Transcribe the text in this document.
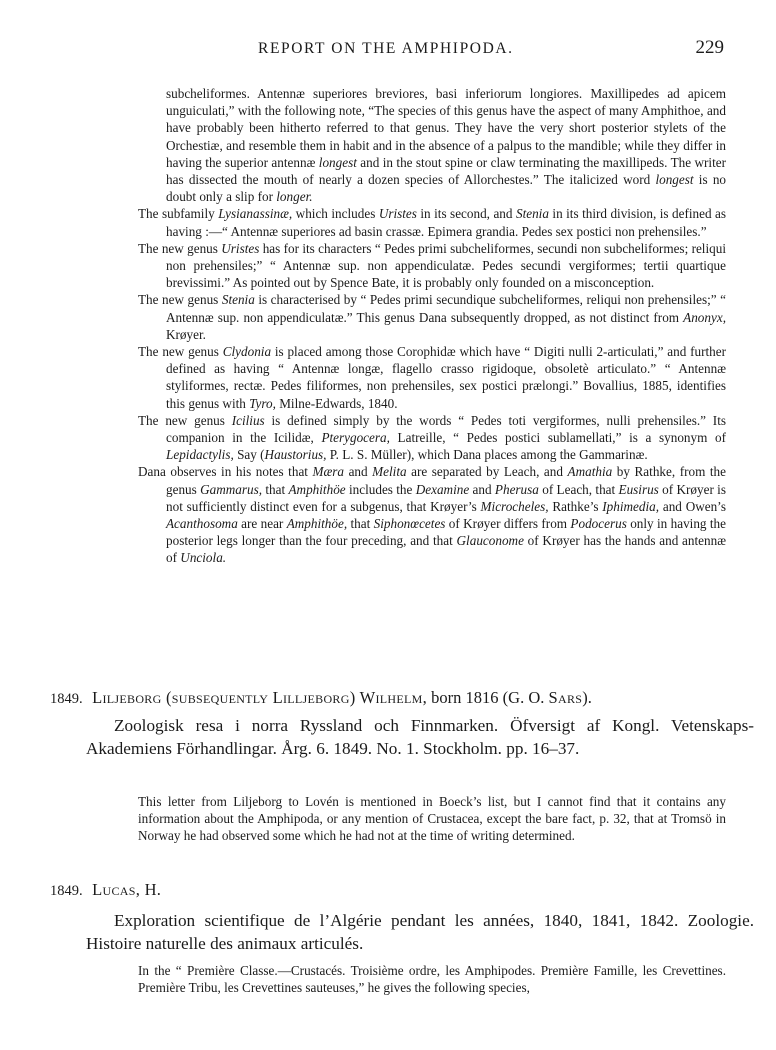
REPORT ON THE AMPHIPODA.	229

subcheliformes. Antennæ superiores breviores, basi inferiorum longiores. Maxillipedes ad apicem unguiculati,” with the following note, “The species of this genus have the aspect of many Amphithoe, and have probably been hitherto referred to that genus. They have the very short posterior stylets of the Orchestiæ, and resemble them in habit and in the absence of a palpus to the mandible; while they differ in having the superior antennæ longest and in the stout spine or claw terminating the maxillipeds. The writer has dissected the mouth of nearly a dozen species of Allorchestes.” The italicized word longest is no doubt only a slip for longer.

The subfamily Lysianassinæ, which includes Uristes in its second, and Stenia in its third division, is defined as having :—“ Antennæ superiores ad basin crassæ. Epimera grandia. Pedes sex postici non prehensiles.”

The new genus Uristes has for its characters “ Pedes primi subcheliformes, secundi non subcheliformes; reliqui non prehensiles;” “ Antennæ sup. non appendiculatæ. Pedes secundi vergiformes; tertii quartique brevissimi.” As pointed out by Spence Bate, it is probably only founded on a misconception.

The new genus Stenia is characterised by “ Pedes primi secundique subcheliformes, reliqui non prehensiles;” “ Antennæ sup. non appendiculatæ.” This genus Dana subsequently dropped, as not distinct from Anonyx, Krøyer.

The new genus Clydonia is placed among those Corophidæ which have “ Digiti nulli 2-articulati,” and further defined as having “ Antennæ longæ, flagello crasso rigidoque, obsoletè articulato.” “ Antennæ styliformes, rectæ. Pedes filiformes, non prehensiles, sex postici prælongi.” Bovallius, 1885, identifies this genus with Tyro, Milne-Edwards, 1840.

The new genus Icilius is defined simply by the words “ Pedes toti vergiformes, nulli prehensiles.” Its companion in the Icilidæ, Pterygocera, Latreille, “ Pedes postici sublamellati,” is a synonym of Lepidactylis, Say (Haustorius, P. L. S. Müller), which Dana places among the Gammarinæ.

Dana observes in his notes that Mæra and Melita are separated by Leach, and Amathia by Rathke, from the genus Gammarus, that Amphithöe includes the Dexamine and Pherusa of Leach, that Eusirus of Krøyer is not sufficiently distinct even for a subgenus, that Krøyer’s Microcheles, Rathke’s Iphimedia, and Owen’s Acanthosoma are near Amphithöe, that Siphonœcetes of Krøyer differs from Podocerus only in having the posterior legs longer than the four preceding, and that Glauconome of Krøyer has the hands and antennæ of Unciola.

1849. Liljeborg (subsequently Lilljeborg) Wilhelm, born 1816 (G. O. Sars).

Zoologisk resa i norra Ryssland och Finnmarken. Öfversigt af Kongl. Vetenskaps-Akademiens Förhandlingar. Årg. 6. 1849. No. 1. Stockholm. pp. 16–37.

This letter from Liljeborg to Lovén is mentioned in Boeck’s list, but I cannot find that it contains any information about the Amphipoda, or any mention of Crustacea, except the bare fact, p. 32, that at Tromsö in Norway he had observed some which he had not at the time of writing determined.

1849. Lucas, H.

Exploration scientifique de l’Algérie pendant les années, 1840, 1841, 1842. Zoologie. Histoire naturelle des animaux articulés.

In the “ Première Classe.—Crustacés. Troisième ordre, les Amphipodes. Première Famille, les Crevettines. Première Tribu, les Crevettines sauteuses,” he gives the following species,
